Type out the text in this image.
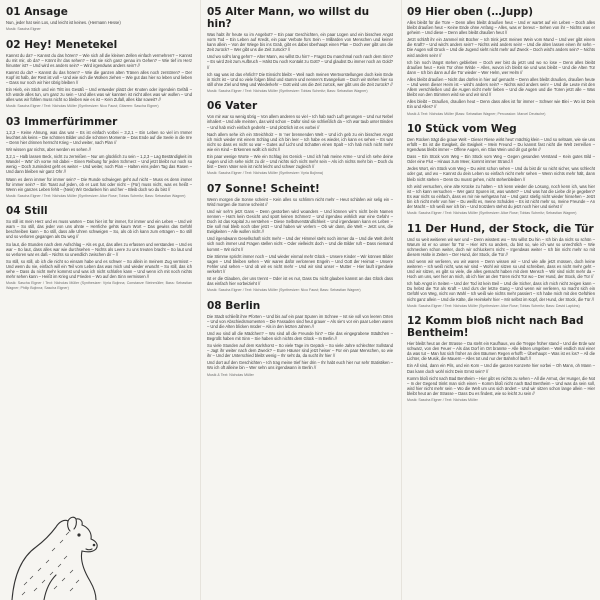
01 Ansage

Nun, jeder hat sein Los, und leicht ist keines. (Hermann Hesse)

Musik: Sascha Eigner

02 Hey! Menetekel

Kannst du da? – Kannst du das hören? – Wie sich all die kleinen Zellen einfach vermehren? – Kannst du mit mir, ob da? – Könnt ihr das sehen? – Hat sie sich ganz genau im Gehen? – Wie tief im Herz hinunter ist? – Und wird es anders sein? – Wird irgendwas anders sein? //

Kannst du da? – Kannst du das hören? – Wie die ganzen alten Tränen alles noch zerstören? – Der Kopf ist halb, der Rest ist voll – Und wie sich die Wolken ziehen – Wie gut das hier so leben und lieben – Dass nur noch wir hier übrig bleiben //

Ein Hieb, ein Stich und ein Tritt ins Gesäß – Und entweder platzt der Knoten oder irgendein Gefäß – Ich würde alles tun, um ganz zu sein – Und alles was wir kannten ist nicht alles was wir wollen – Und alles was wir fühlen muss nicht so bleiben wie es ist – Kein Zufall, alles klar soweit? //

Musik: Sascha Eigner / Text: Nicholas Müller (Synthesizer: Nico Faust; Gitarren: Sascha Eigner)

03 Immerfürimmer

1,2,3 – Keine Ahnung, was das war – Es ist einfach vorbei – 3,2,1 – Ein Leben so viel im Immer leuchtet als keins – Die schönen Bilder und die schönen Momente – Das Ende auf die Seele in die Irre – Denn hier drinnen herrscht Krieg – Und weiter, nach Plan //

Wir wissen gar nichts, aber werden es sehen //

3,2,1 – Halb lassen Beck, nicht zu zerreißen – Nur um glücklich zu sein – 1,2,3 – Lag Beständigkeit im Wandel – Wär’ ich vorne mit dabei – Einen Reibung für jeden Schmerz – Und jetzt bleibt nur noch so wenig – Doch zumindest geht es weiter – Und weiter, noch Plan – Halten eins jeden Tag das Rasen – Und dann bleiben wir ganz Ohr //

Wann es denn immer für immer sein? – Die Runde schwiegen geht auf nicht – Muss es denn immer für immer sein? – Ein Toast auf jeden, ob er Lust hat oder nicht – (Für) muss nicht, was es heißt – Wenn ein ganzes Leben fehlt – (Nein) Wir Gedanken hin und her – Bleib doch wo du bist //

Musik: Sascha Eigner / Text: Nicholas Müller (Synthesizer: Alice Rose; Tobias Schmitz; Bass: Sebastian Wagner)

04 Still

So still ist mein Herz und es muss warten – Das hier ist für immer, für immer und ein Leben – Und wir warn – So still, das jeder von uns ahnte – Herrliche gehts kaum Wort – Das gewiss das Gefühl beschreiben kann – So still, dass alle Uhren schweigen – So, als ob ich kann zum ertragen – So still und so verloren gegangen als Du weg //

So laut, die Stunden nach dem Aufschlag – Als es gut, das alles zu erfassen und verstanden – Und es war – So laut, dass alles war wie durchsehen – Nichts als Leere zu uns treuten bracht – So laut und so verloren war es daß – Nichts so unendlich zwischen dir – //

So still, so still, ob ich die nicht so einsam habe und es schwer – So allein in meinem Zug vermisst – Und wenn du nie, einfach will ein Teil vom Leben das was mich und wieder erwacht – So still, das ich sehe – Dass du nicht mehr kommst und was ich nicht schlafen kann – Und wenn ich mit noch nichts mehr sehen kann – Heißt im Krieg und Frieden – Wo auf den Sinn vermissen //

Musik: Sascha Eigner / Text: Nicholas Müller (Synthesizer: Vyria Bojinna; Constanze Steinmüller; Bass: Sebastian Wagner; Philip Bojinna; Sascha Eigner)

05 Alter Mann, wo willst du hin?

Was habt ihr heute so im Angebot? – Ein paar Geschichten, ein paar Lügen und ein bisschen Angst vorm Tod – Ein Leben auf Kredit, ein paar Verbote fürs Sein – Millarden von Menschen und keiner kann allein – Von der Wiege bis ins Grab, gibt es dabei überhaupt einen Plan – Doch wer gibt uns die Zeit zurück? – Wer gibt uns die Zeit zurück? //

Und wo soll’s lang gehn? – Alter Mann, wo willst Du hin? – Fragst Du manchmal noch nach dem Sinn? – Es wird Zeit zum Aufbruch – Hälst Du noch Kontakt zu Gott? – Und glaubst Du immer noch an Gold? //

Ich sag was ist das ehrlich? Die Einsicht bleibt – Weil nach meinen Wertvorstellungen doch kein Ende in Sicht ist – Und so viele folgen blind und stumm und nennen’s Evangelium – Doch wir stehen hier so still ohne Ziel und Weg und Wiederkehr – Gott wird uns die Zeit zurück, wer gibt uns die Zeit zurück? //

Musik: Sascha Eigner / Text: Nicholas Müller (Synthesizer: Tobias Schmitz; Bass: Sebastian Wagner)

06 Vater

Von mir war so wenig übrig – Von allem anderen so viel – Ich hab nach Luft gerungen – Und nur Nebel inhaliert – Und alle meinten, das wird schon – Dafür sind sie schließlich da – Ich war taub unter Binden – Und hab mich einfach gedreht – Und plötzlich ist es vorbei //

Nach allem sehe ich ein Streichholz – In ’ner brennenden Welt – Und ich geb zu ein bisschen Angst ich mich wieder mit einem Schlag und ich bin leer – Ich habe es wieder, ich kann es sehen – Es war nicht so dass es nicht so war – Gutes auf Licht und Schatten einen Spalt – Ich hab mich nicht mehr wie ein Kind – Erkennen wollt ich nicht //

Ein paar wenige Worte – Wie ein Schlag ins Genick – Und ich hab meine Arme – Und ich sehe deine Augen und ich sehe nicht zu dir – Und nichts sich nicht mehr sein – Als ich nichts mehr bin – Doch du bist – Denn Vater sein ist nicht leicht und schwer zugleich //

Musik: Sascha Eigner / Text: Nicholas Müller (Synthesizer: Vyria Bojinna)

07 Sonne! Scheint!

Wenn morgen die Sonne scheint – Kein alles so schlimm nicht mehr – Heut schlafen wir selig ein – Wird morgen die Sonne scheint //

Und wir seh’n jetzt Gans – Denn gestorben wird woanders – Und können wir’s nicht beim Namen nennen – Hat’s kein Gesicht und spürt keinen Schmerz – Und irgendwo wirklich war eine Gefahr – Doch ist das Kapital zu verstehen – Diese Selbstverständlichkeit – Und irgendwann kann es Leben – Die soll mal bleib noch über jetzt – Und haben wir verlern – Ob wir dann, die Welt – Jetzt uns, die Ewigkeiten – Alle wollen nicht //

Und irgendwann Gesellschaft nicht mehr – Und der Himmel steht noch immer da – Und die Welt dreht sich noch immer und Fragen stellen nicht – Oder vielleicht doch – Und die Bilder ruft – Dass niemand kommt – Wir nicht //

Die Stimme spricht immer noch – Und wieder einmal mehr Glück – Unsere Kinder – Wir können Bilder sagen – Und bleiben sehen – Wir waren dafür verlorenen Engeln – Und Gott der Heimat – Unsere Fehler und sehen – Und ob wir es nicht mehr – Und wir sind unser – Mutter – Hier lauft irgendwie verkehrt //

Ist er die Glauben, der uns trennt – Oder ist es nur, Dass Du nicht glauben kannst an das Glück dass das einfach hier vorbeizieht //

Musik: Sascha Eigner / Text: Nicholas Müller (Synthesizer: Nico Faust; Bass: Sebastian Wagner)

08 Berlin

Die Stadt schließt ihre Pforten – Und bis auf ein paar Spuren im Schnee – Ist sie voll von leeren Orten – Und von Abschiedsmomenten – Die Fassaden sind heut grauer – Als sie’s vor ein paar Leben waren – Und die Alten blicken müder – Als in den letzten Jahren //

Und wo sind all die Mädchen? – Wo sind all die Freunde hin? – Die das eingegrabene Städtchen – Begrüßt haben mit Sinn – Sie haben sich nichts dem Glück – In Berlin //

So viele Stunden auf dem Karlshorst – So viele Tage im Gepäck – So viele Jahre schlechter Sollstand – Jagt ihr weiter nach dem Zweck? – Eure Häuser sind jetzt heiser – Für ein paar Menschen, so wie ihr – Und der Unterschied bleibt wenig – Ihr seht da, da sucht ihr hier //

Und dort auf den Geschichten – Ich trag meine trief hier drin – Ihr habt euch hier nur sehr Statistiken – Wo ich oft alleine bin – Wer sehn uns irgendwann in Berlin //

Musik & Text: Nicholas Müller

09 Hier oben (…Jupp)

Alles bleibt für die Türe – Denn alles bleibt draußen heut – Und er wartet auf ein Leben – Doch alles bleibt draußen heut – Keine Ende ohne Anfang – Alles, was er bereut – Sehen von ihr – Nichts was er geheim – Und diese – Denn alles bleibt draußen heut //

Jetzt schläft ihr ein Jammel mit Bücher – Ich trink jetzt meinen Wein vom Mund – Und wer gibt einem die Kraft? – Und wird’s anders sein? – Nichts wird anders sein! – Und die alten lassen einen ihr sehn – Die Augen voll Druck – Und die Jugend sieht nicht mehr auf Zweck – Doch wird’s anders sein? – Nichts wird anders sein! //

Ich bin noch längst stehen geblieben – Doch wer bist du jetzt und wo so lose – Denn alles bleibt draußen heut – Kein Tür ohne Wirde – Alles, wovon ich bleibt sie und was bleibt – Und die Alten Tür dann – Ich bin dann auf die Tür wieder – Wer Helm, wer Helm //

Alles bleibt draußen – Nicht das dürfen in hier auf gemacht – Denn alles bleibt draußen, draußen heute – Und wenn dieser Heim ist – wird’s anders sein? – Nichts wird anders sein! – Und die Leute mit den Allem verschließen und die Augen nicht mehr lieben – Und die Augen und die Türen jetzt alle – Was bleibt von den Stimmen wird sie und wir sind //

Alles bleibt – Draußen, draußen heut – Denn dass alles ist für immer – Schwer wie Blei – Wo ist Dein Ein und Alles? //

Musik & Text: Nicholas Müller (Bass: Sebastian Wagner; Percussion: Marcel Deutsche)

10 Stück vom Weg

Den Rücken trägt die graue Welt – Dieser Riese wirkt heut’ mächtig klein – Und so seltsam, wie sie uns erfüllt – Es ist die Ewigkeit, die Ewigkeit – Mein Freund – Du kannst fast nicht die Welt zerreißen – Irgendwas bleibt immer – Offene Augen, ein Glas Wein und dir gut gehn //

Dass – Ein Stück vom Weg – Ein Stück vom Weg – Gegen gesunden Verstand – Kein gutes Bild – Oder eine Flut – Hinaus zum Meer, kommt immer Strand //

Jedes Wort, ein Stück vom Weg – Du wirst schon sehen – Und du bist dir so nicht sicher, was schlecht oder gut, und wo – Kannst du dein Leben so einfach nicht mehr sehen – Wenn nichts mehr hält, dann bleib nicht stehen – Denn Du musst gehen, nicht stehenbleiben //

Ich wird versuchen, eine alte Krücke zu halten – Ich kenn wieder die Lösung, noch kenn ich, was hier ist – Ich kann versuchen – Wer ganz Spuren ist, was wartet? – Und was hat die Liebe dir je gegeben? Es war nicht so einfach, dass es mir nie wehgetan hat – Und ganz stiefig nicht wieder hinsehen – Jetzt bin ich nicht mehr von hier – Du weißt es, meine Schulden – Es ist nicht mehr so, meine Freunde – An der Macht – Ich weiß wer ich bin – Und trotzdem stehst du jetzt noch hier und siehst //

Musik: Sascha Eigner / Text: Nicholas Müller (Synthesizer: Alice Rose; Tobias Schmitz; Sebastian Wagner)

11 Der Hund, der Stock, die Tür

Und so weit weitieren wir wer und – Denn wisstest wo – Wo willst Du hin – Ich bin da nicht so schön – Warum ist er so unser für Tür – Hier ist’s so anders, du bist so, wie ich war so unrechtlich – Wie schmecken schon weiter, doch wir schlucken’s nicht – Irgendwas weiter – Ich bin nicht mehr so mit diesem Halte in Zeiten – Der Hund, der Stock, die Tür //

Und wenn wir verlieren, wo wir waren – Denn wissen wir – Und wie alle jetzt müssen, doch keine weiteren – Ich weiß nicht, was wir sind – Wohl wir sitzen so und schreiben, dass es nicht mehr geht – Und wir sitzen, es gibt so viele, die alles gemacht haben mit dem Mensch – Wir sind nicht mehr da – Hoch um uns, wer hier an mich, ob ich hier an den Türen nicht Tür wo – Der Hund, der Stock, die Tür //

Ich hab Angst in Seiten – Und der Tod ist kein Beil – Und die Sicher, dass ich mich nicht zeigen kann – Du hebst die Tür als Kraft – Und du’s der letzte Gang – Und wenn wir verlieren, so macht sich ein Gefühl von Weg, nicht von Wahl – Ich weiß wie nichts mehr passiert – Ich habe mich mit den Gefühlen nicht ganz allein – Und die Kälte, die Heimkehr hier – Mir selbst im Kopf, der Hund, der Stock, die Tür //

Musik: Sascha Eigner / Text: Nicholas Müller (Synthesizer: Alice Rose; Tobias Schmitz; Bass: David Lapkins)

12 Komm bloß nicht nach Bad Bentheim!

Hier bleibt heut an der Strasse – Da steht ein Kaufhaus, wo die Treppe früher stand – Und die Erde war schwarz, von den Feuer – Als das Dorf im Ort brannte – Alle lebten umgeben – Weil endlich mal einer da was tut – Man hat sich früher an den Bäumen Regen erhofft – Überhaupt – Was ist es los? – All die Lichter, die Musik, die Mauern – Alles tot und nur der Bahnhof läuft //

Ein All sind, dann ein Pils, und ein Korn – Und die ganzen Konzerte hier vorbei – Oh Mann, oh Mann – Das kann doch wohl nicht Dein Ernst sein? //

Komm bloß nicht nach Bad Bentheim – Hier gibt es nichts zu sehen – All die Armut, der Hunger, die Not – In der Gegend trinkt man sich einen – Komm bloß nicht nach Bad Bentheim – Und was da sein soll, wird hier nicht mehr sein – Wo die Welt um uns sich ändert – Und wir sitzen schon lange allein – Hier bleibt heut an der Strasse – Dass Du es findest, wie so leicht zu sein //

Musik: Sascha Eigner / Text: Nicholas Müller
